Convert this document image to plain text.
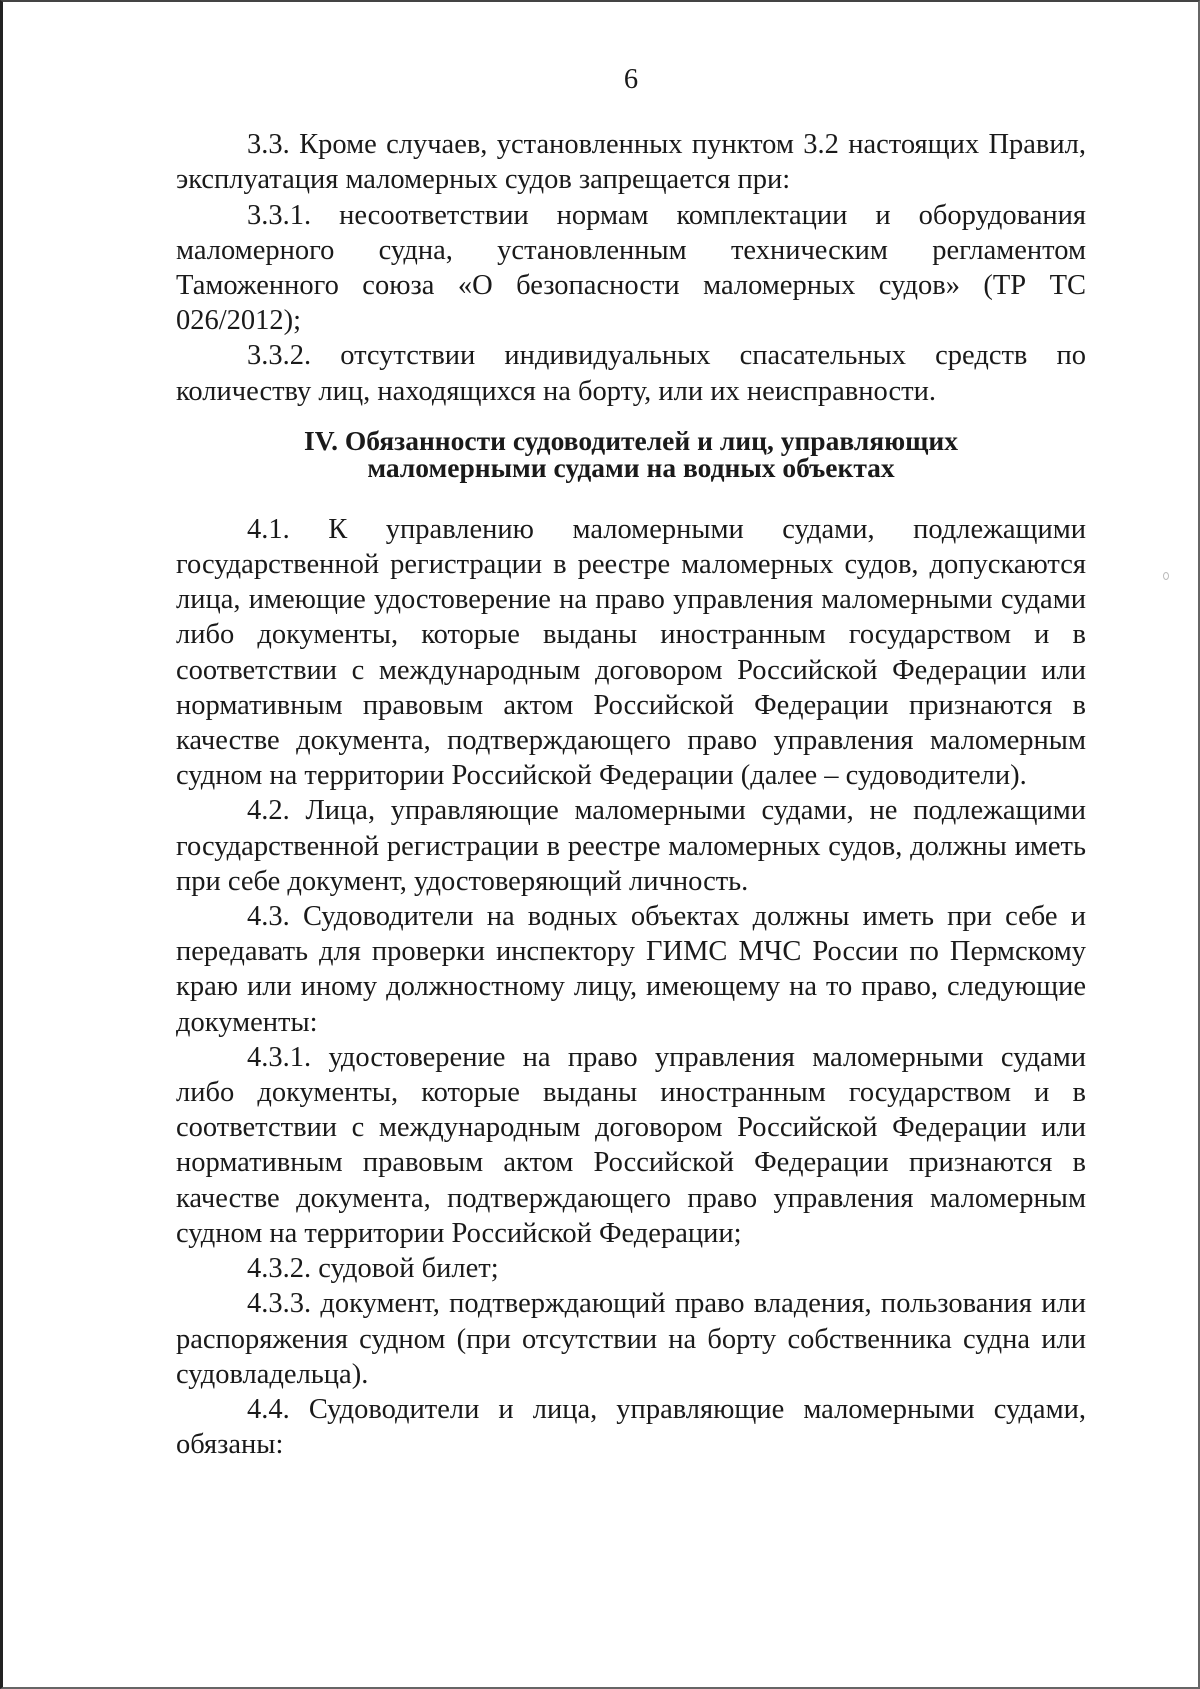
6

3.3. Кроме случаев, установленных пунктом 3.2 настоящих Правил, эксплуатация маломерных судов запрещается при:

3.3.1. несоответствии нормам комплектации и оборудования маломерного судна, установленным техническим регламентом Таможенного союза «О безопасности маломерных судов» (ТР ТС 026/2012);

3.3.2. отсутствии индивидуальных спасательных средств по количеству лиц, находящихся на борту, или их неисправности.

IV. Обязанности судоводителей и лиц, управляющих
маломерными судами на водных объектах

4.1. К управлению маломерными судами, подлежащими государственной регистрации в реестре маломерных судов, допускаются лица, имеющие удостоверение на право управления маломерными судами либо документы, которые выданы иностранным государством и в соответствии с международным договором Российской Федерации или нормативным правовым актом Российской Федерации признаются в качестве документа, подтверждающего право управления маломерным судном на территории Российской Федерации (далее – судоводители).

4.2. Лица, управляющие маломерными судами, не подлежащими государственной регистрации в реестре маломерных судов, должны иметь при себе документ, удостоверяющий личность.

4.3. Судоводители на водных объектах должны иметь при себе и передавать для проверки инспектору ГИМС МЧС России по Пермскому краю или иному должностному лицу, имеющему на то право, следующие документы:

4.3.1. удостоверение на право управления маломерными судами либо документы, которые выданы иностранным государством и в соответствии с международным договором Российской Федерации или нормативным правовым актом Российской Федерации признаются в качестве документа, подтверждающего право управления маломерным судном на территории Российской Федерации;

4.3.2. судовой билет;

4.3.3. документ, подтверждающий право владения, пользования или распоряжения судном (при отсутствии на борту собственника судна или судовладельца).

4.4. Судоводители и лица, управляющие маломерными судами, обязаны:
